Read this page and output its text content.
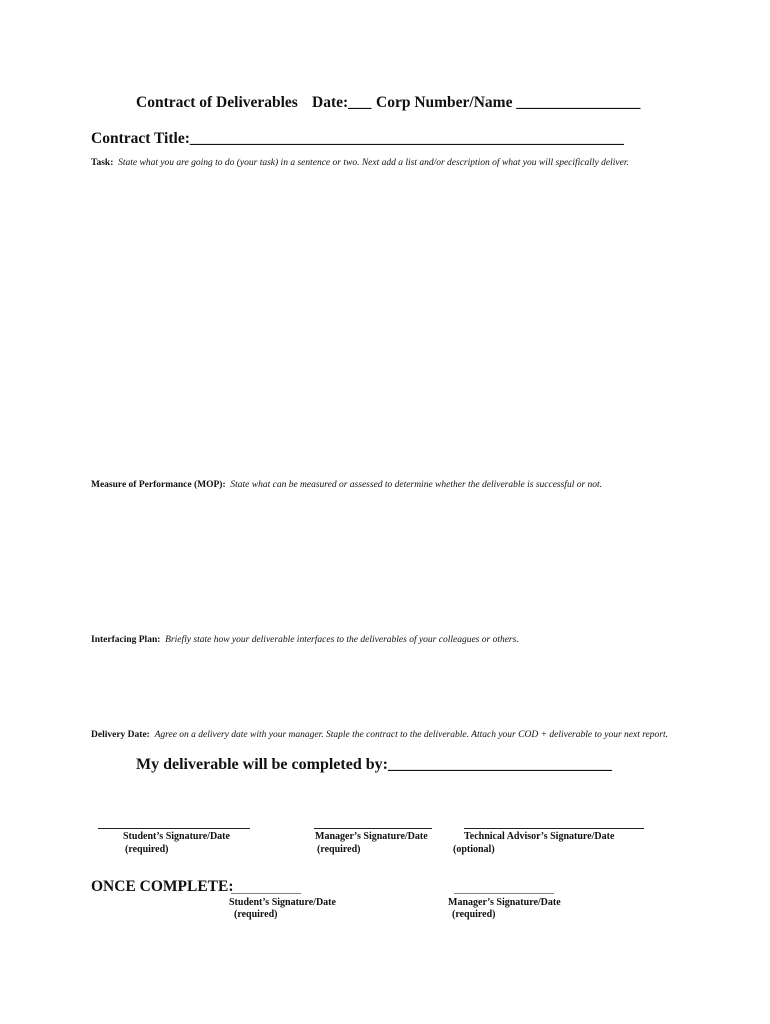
Contract of Deliverables Date:___ Corp Number/Name ________________
Contract Title:________________________________________________________
Task: State what you are going to do (your task) in a sentence or two. Next add a list and/or description of what you will specifically deliver.
Measure of Performance (MOP): State what can be measured or assessed to determine whether the deliverable is successful or not.
Interfacing Plan: Briefly state how your deliverable interfaces to the deliverables of your colleagues or others.
Delivery Date: Agree on a delivery date with your manager. Staple the contract to the deliverable. Attach your COD + deliverable to your next report.
My deliverable will be completed by:____________________________
Student’s Signature/Date
(required)
Manager’s Signature/Date
(required)
Technical Advisor’s Signature/Date
(optional)
ONCE COMPLETE:
______________	____________________
Student’s Signature/Date
(required)
Manager’s Signature/Date
(required)
